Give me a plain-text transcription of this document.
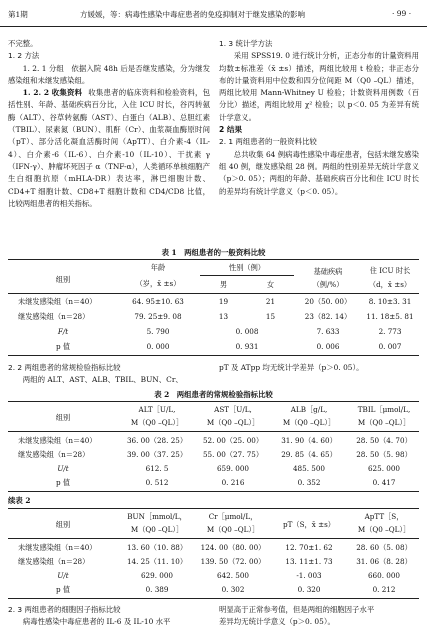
第1期	方媛媛，等：病毒性感染中毒症患者的免疫抑制对于继发感染的影响	· 99 ·

不完整。

1. 2 方法

1. 2. 1 分组　依据入院 48h 后是否继发感染，分为继发感染组和未继发感染组。

1. 2. 2 收集资料 收集患者的临床资料和检验资料，包括性别、年龄、基础疾病百分比，入住 ICU 时长，谷丙转氨酶（ALT）、谷草转氨酶（AST）、白蛋白（ALB）、总胆红素（TBIL）、尿素氮（BUN）、肌酐（Cr）、血浆凝血酶原时间（pT）、部分活化凝血活酶时间（ApTT）、白介素-4（IL-4）、白介素-6（IL-6）、白介素-10（IL-10）、干扰素 γ（IFN-γ）、肿瘤坏死因子 α（TNF-α），人类循环单核细胞产生白细胞抗原（mHLA-DR）表达率，淋巴细胞计数、CD4+T 细胞计数、CD8+T 细胞计数和 CD4/CD8 比值，比较两组患者的相关指标。

1. 3 统计学方法

采用 SPSS19. 0 进行统计分析，正态分布的计量资料用均数±标准差（x̄ ±s）描述，两组比较用 t 检验；非正态分布的计量资料用中位数和四分位间距 M（Q0 –QL）描述，两组比较用 Mann-Whitney U 检验；计数资料用例数（百分比）描述，两组比较用 χ² 检验；以 p＜0. 05 为差异有统计学意义。

2 结果

2. 1 两组患者的一般资料比较

总共收集 64 例病毒性感染中毒症患者，包括未继发感染组 40 例，继发感染组 28 例。两组的性别差异无统计学意义（p＞0. 05）；两组的年龄、基础疾病百分比和住 ICU 时长的差异均有统计学意义（p＜0. 05）。

表 1　两组患者的一般资料比较
组别
年龄
（岁，x̄ ±s）
性别（例）
男	女
基础疾病
（例/%）
住 ICU 时长
（d，x̄ ±s）
未继发感染组（n＝40）	64. 95±10. 63	19	21	20（50. 00）	8. 10±3. 31
继发感染组（n＝28）	79. 25±9. 08	13	15	23（82. 14）	11. 18±5. 81
F/t	5. 790	0. 008	7. 633	2. 773
p 值	0. 000	0. 931	0. 006	0. 007
2. 2 两组患者的常规检验指标比较
两组的 ALT、AST、ALB、TBIL、BUN、Cr、
pT 及 ATpp 均无统计学差异（p＞0. 05）。
表 2　两组患者的常规检验指标比较
组别
ALT［U/L,
M（Q0 –QL）］
AST［U/L,
M（Q0 –QL）］
ALB［g/L,
M（Q0 –QL）］
TBIL［μmol/L,
M（Q0 –QL）］
未继发感染组（n＝40）	36. 00（28. 25）	52. 00（25. 00）	31. 90（4. 60）	28. 50（4. 70）
继发感染组（n＝28）	39. 00（37. 25）	55. 00（27. 75）	29. 85（4. 65）	28. 50（5. 98）
U/t	612. 5	659. 000	485. 500	625. 000
p 值	0. 512	0. 216	0. 352	0. 417
续表 2
组别
BUN［mmol/L，
M（Q0 –QL）］
Cr［μmol/L，
M（Q0 –QL）］
pT（S，x̄ ±s）
ApTT［S，
M（Q0 –QL）］
未继发感染组（n＝40）	13. 60（10. 88）	124. 00（80. 00）	12. 70±1. 62	28. 60（5. 08）
继发感染组（n＝28）	14. 25（11. 10）	139. 50（72. 00）	13. 11±1. 73	31. 06（8. 28）
U/t	629. 000	642. 500	-1. 003	660. 000
p 值	0. 389	0. 302	0. 320	0. 212
2. 3 两组患者的细胞因子指标比较
病毒性感染中毒症患者的 IL-6 及 IL-10 水平
明显高于正常参考值，但是两组的细胞因子水平
差异均无统计学意义（p＞0. 05）。
